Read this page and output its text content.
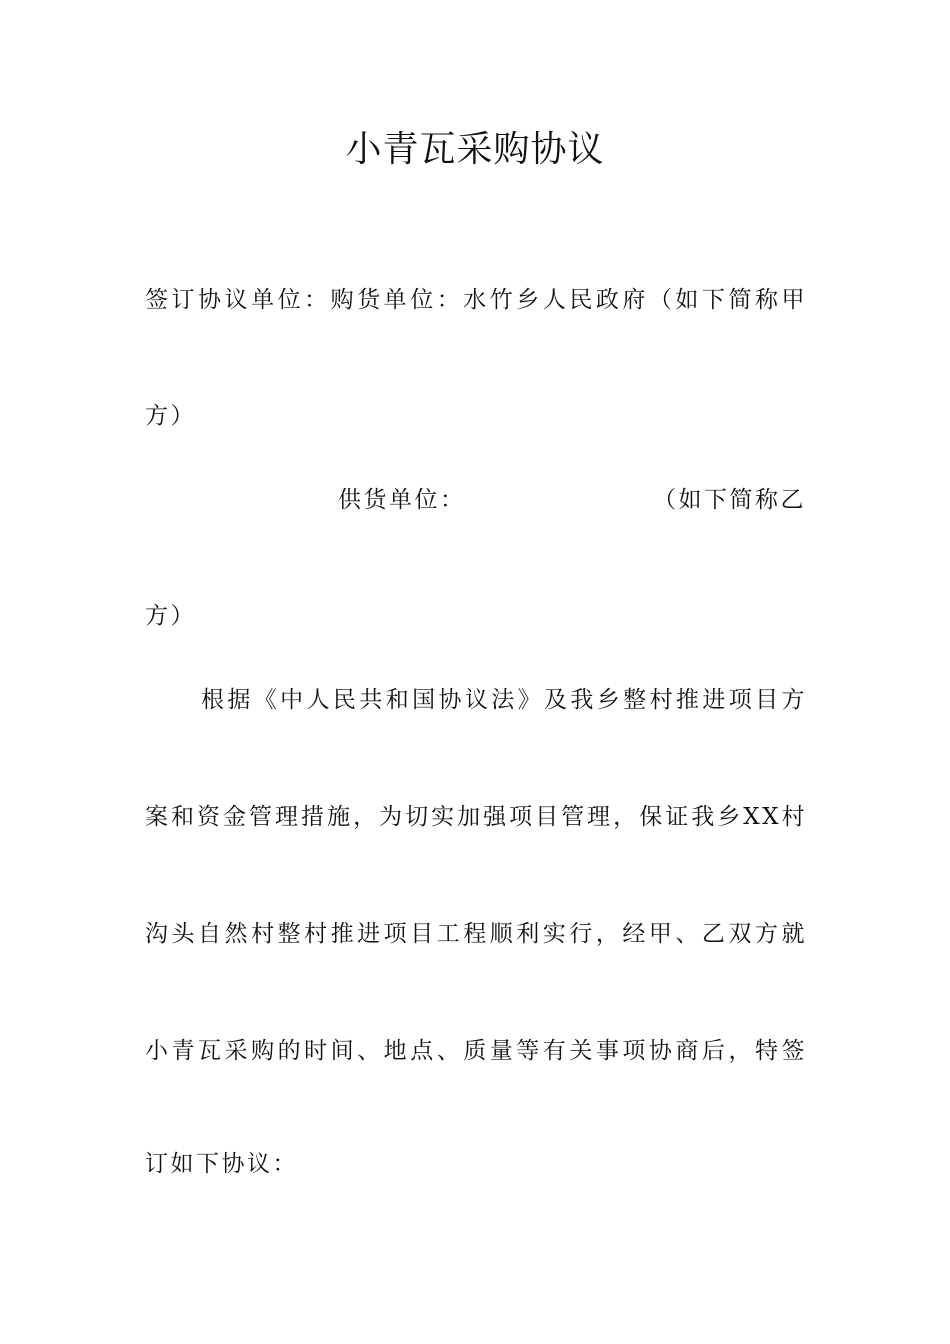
小青瓦采购协议
签订协议单位：购货单位：水竹乡人民政府（如下简称甲
方）
供货单位：	（如下简称乙
方）
根据《中人民共和国协议法》及我乡整村推进项目方
案和资金管理措施，为切实加强项目管理，保证我乡XX村
沟头自然村整村推进项目工程顺利实行，经甲、乙双方就
小青瓦采购的时间、地点、质量等有关事项协商后，特签
订如下协议：
